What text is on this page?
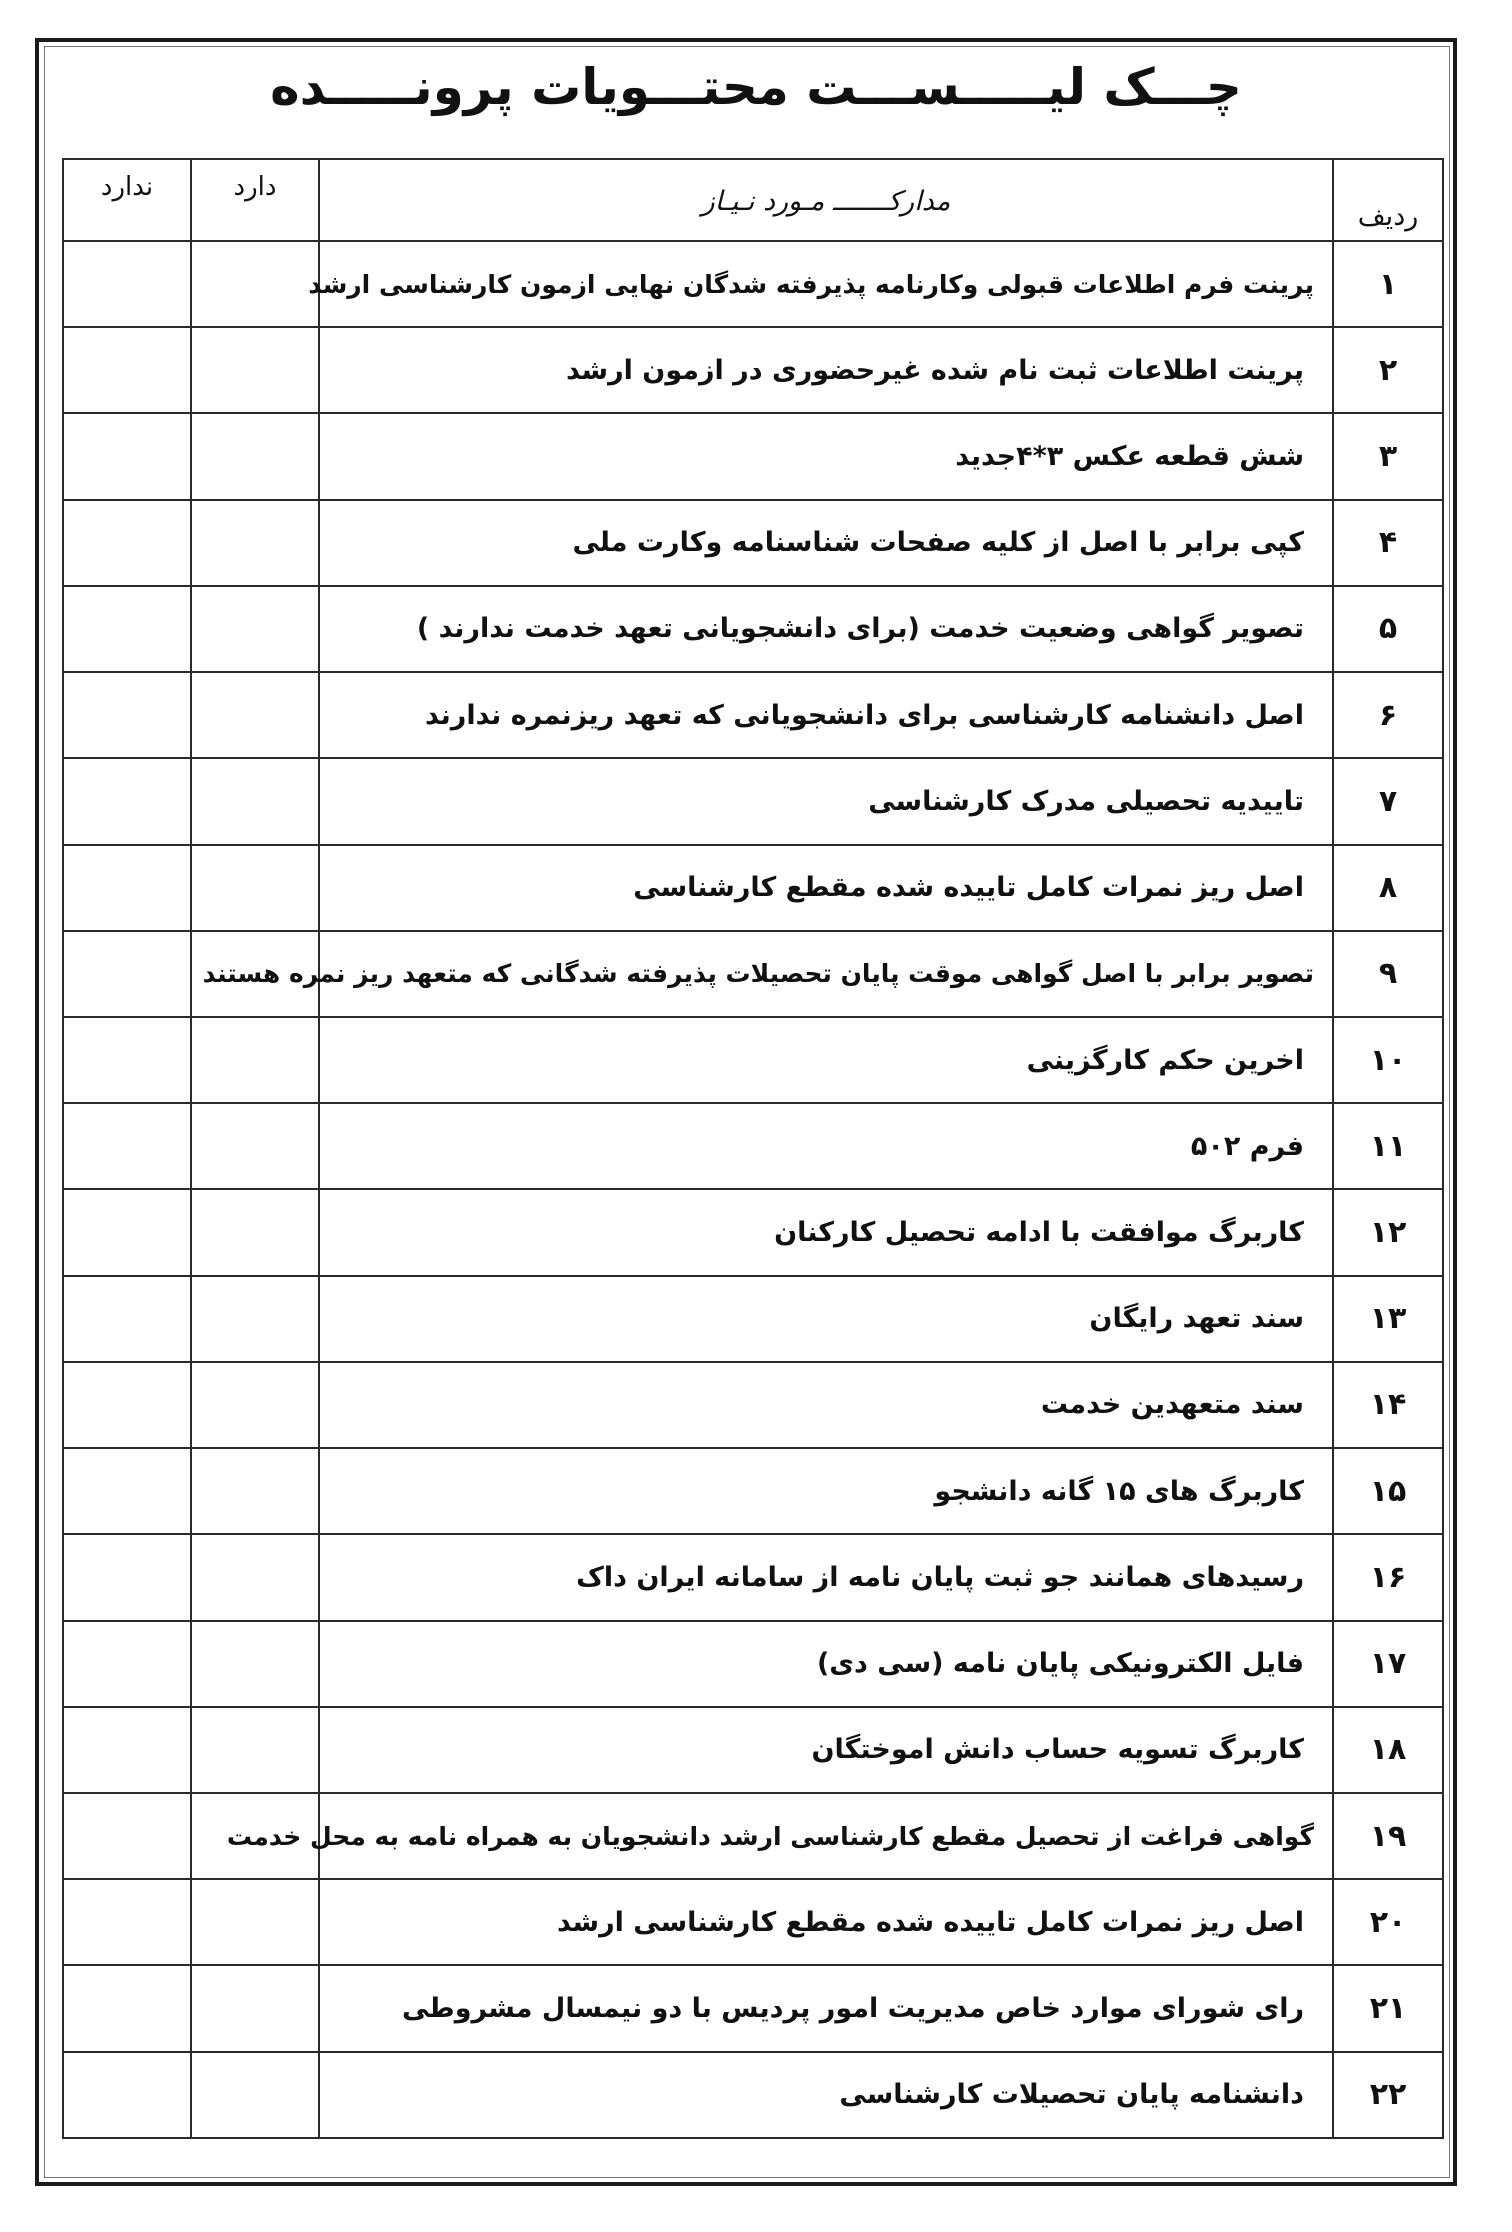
چـــک لیـــــســـت محتـــویات پرونـــــده
ردیف	مدارکـــــــ مـورد نـیـاز	دارد	ندارد
۱	پرینت فرم اطلاعات قبولی وکارنامه پذیرفته شدگان نهایی ازمون کارشناسی ارشد		
۲	پرینت اطلاعات ثبت نام شده غیرحضوری در ازمون ارشد		
۳	شش قطعه عکس ۳*۴جدید		
۴	کپی برابر با اصل از کلیه صفحات شناسنامه وکارت ملی		
۵	تصویر گواهی وضعیت خدمت (برای دانشجویانی تعهد خدمت ندارند )		
۶	اصل دانشنامه کارشناسی برای دانشجویانی که تعهد ریزنمره ندارند		
۷	تاییدیه تحصیلی مدرک کارشناسی		
۸	اصل ریز نمرات کامل تاییده شده مقطع کارشناسی		
۹	تصویر برابر با اصل گواهی موقت پایان تحصیلات پذیرفته شدگانی که متعهد ریز نمره هستند		
۱۰	اخرین حکم کارگزینی		
۱۱	فرم ۵۰۲		
۱۲	کاربرگ موافقت با ادامه تحصیل کارکنان		
۱۳	سند تعهد رایگان		
۱۴	سند متعهدین خدمت		
۱۵	کاربرگ های ۱۵ گانه دانشجو		
۱۶	رسیدهای همانند جو ثبت پایان نامه از سامانه ایران داک		
۱۷	فایل الکترونیکی پایان نامه (سی دی)		
۱۸	کاربرگ تسویه حساب دانش اموختگان		
۱۹	گواهی فراغت از تحصیل مقطع کارشناسی ارشد دانشجویان به همراه نامه به محل خدمت		
۲۰	اصل ریز نمرات کامل تاییده شده مقطع کارشناسی ارشد		
۲۱	رای شورای موارد خاص مدیریت امور پردیس با دو نیمسال مشروطی		
۲۲	دانشنامه پایان تحصیلات کارشناسی		
